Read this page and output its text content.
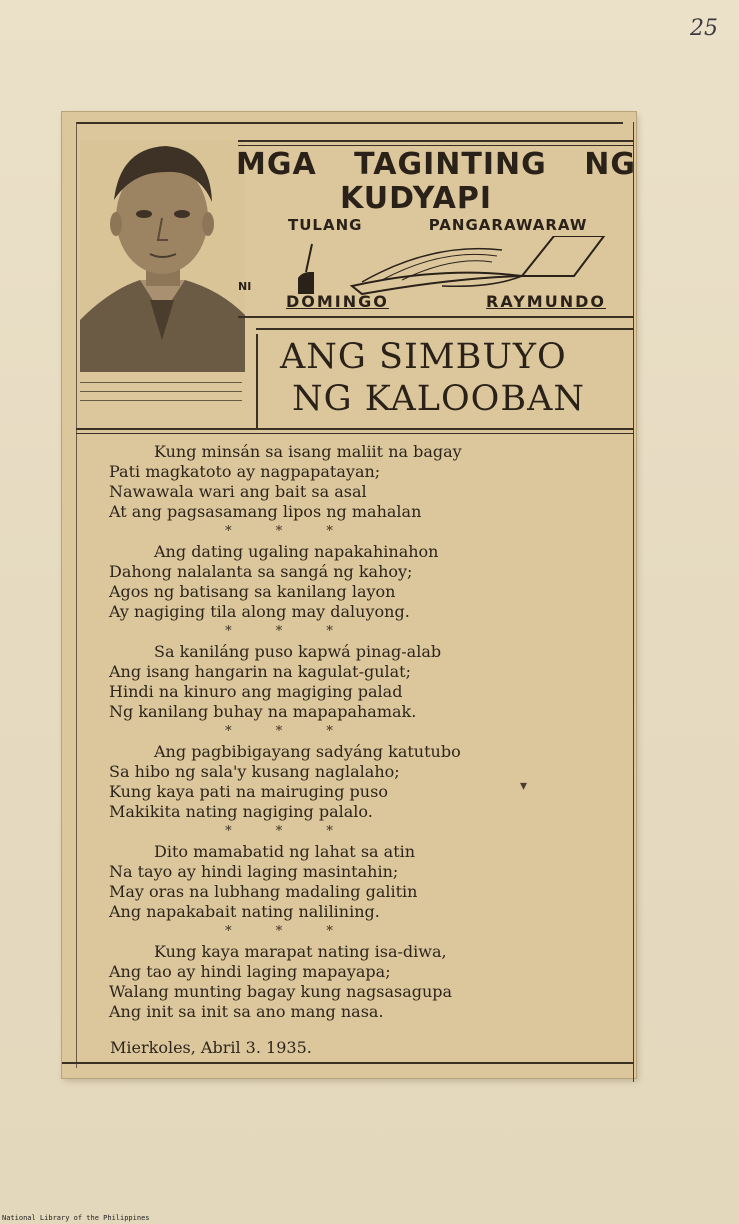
25
MGA TAGINTING NG
KUDYAPI
TULANG	PANGARAWARAW
NI
DOMINGO	RAYMUNDO
ANG SIMBUYO
NG KALOOBAN
Kung minsán sa isang maliit na bagay
Pati magkatoto ay nagpapatayan;
Nawawala wari ang bait sa asal
At ang pagsasamang lipos ng mahalan
* * *
Ang dating ugaling napakahinahon
Dahong nalalanta sa sangá ng kahoy;
Agos ng batisang sa kanilang layon
Ay nagiging tila along may daluyong.
* * *
Sa kaniláng puso kapwá pinag-alab
Ang isang hangarin na kagulat-gulat;
Hindi na kinuro ang magiging palad
Ng kanilang buhay na mapapahamak.
* * *
Ang pagbibigayang sadyáng katutubo
Sa hibo ng sala'y kusang naglalaho;
Kung kaya pati na mairuging puso
Makikita nating nagiging palalo.
* * *
Dito mamabatid ng lahat sa atin
Na tayo ay hindi laging masintahin;
May oras na lubhang madaling galitin
Ang napakabait nating nalilining.
* * *
Kung kaya marapat nating isa-diwa,
Ang tao ay hindi laging mapayapa;
Walang munting bagay kung nagsasagupa
Ang init sa init sa ano mang nasa.
Mierkoles, Abril 3. 1935.
▾
National Library of the Philippines
